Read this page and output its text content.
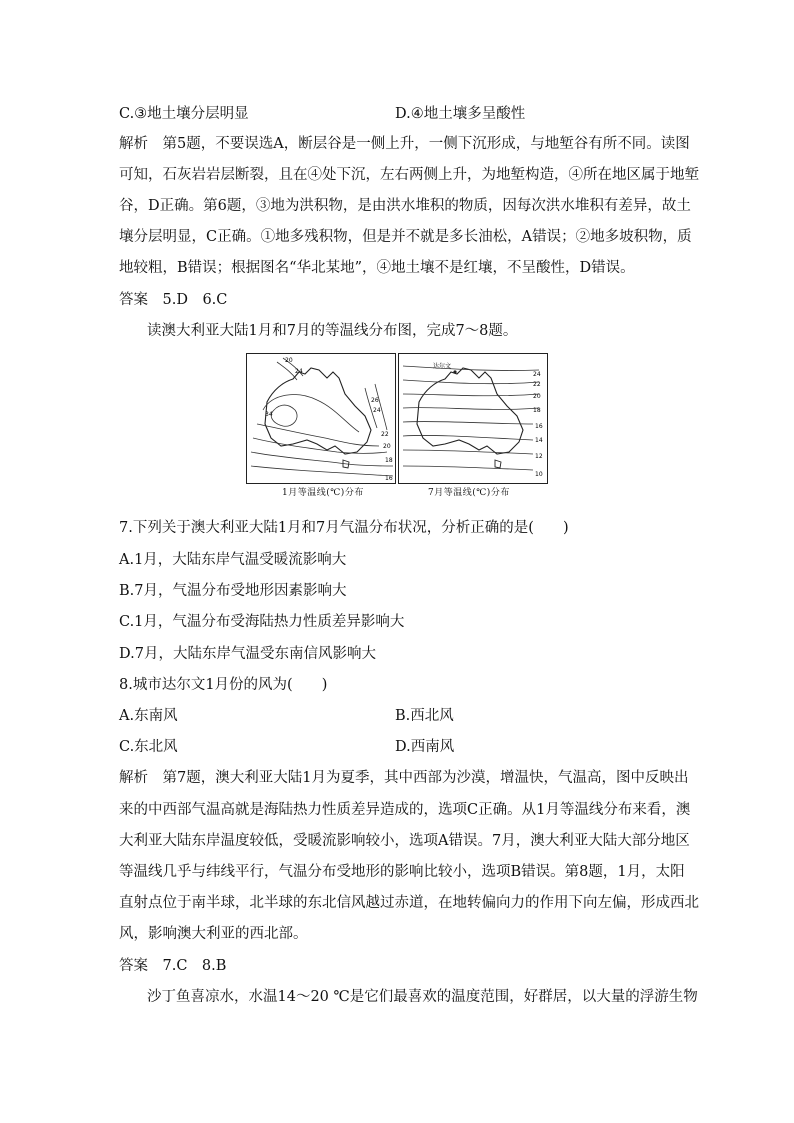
C.③地土壤分层明显	D.④地土壤多呈酸性
解析　第5题，不要误选A，断层谷是一侧上升，一侧下沉形成，与地堑谷有所不同。读图
可知，石灰岩岩层断裂，且在④处下沉，左右两侧上升，为地堑构造，④所在地区属于地堑
谷，D正确。第6题，③地为洪积物，是由洪水堆积的物质，因每次洪水堆积有差异，故土
壤分层明显，C正确。①地多残积物，但是并不就是多长油松，A错误；②地多坡积物，质
地较粗，B错误；根据图名“华北某地”，④地土壤不是红壤，不呈酸性，D错误。
答案　5.D　6.C
读澳大利亚大陆1月和7月的等温线分布图，完成7～8题。
20
24
26
24
22
20
18
16
34
达尔文
24
22
20
18
16
14
12
10
1月等温线(℃)分布	7月等温线(℃)分布
7.下列关于澳大利亚大陆1月和7月气温分布状况，分析正确的是(　　)
A.1月，大陆东岸气温受暖流影响大
B.7月，气温分布受地形因素影响大
C.1月，气温分布受海陆热力性质差异影响大
D.7月，大陆东岸气温受东南信风影响大
8.城市达尔文1月份的风为(　　)
A.东南风	B.西北风
C.东北风	D.西南风
解析　第7题，澳大利亚大陆1月为夏季，其中西部为沙漠，增温快，气温高，图中反映出
来的中西部气温高就是海陆热力性质差异造成的，选项C正确。从1月等温线分布来看，澳
大利亚大陆东岸温度较低，受暖流影响较小，选项A错误。7月，澳大利亚大陆大部分地区
等温线几乎与纬线平行，气温分布受地形的影响比较小，选项B错误。第8题，1月，太阳
直射点位于南半球，北半球的东北信风越过赤道，在地转偏向力的作用下向左偏，形成西北
风，影响澳大利亚的西北部。
答案　7.C　8.B
沙丁鱼喜凉水，水温14～20 ℃是它们最喜欢的温度范围，好群居，以大量的浮游生物
